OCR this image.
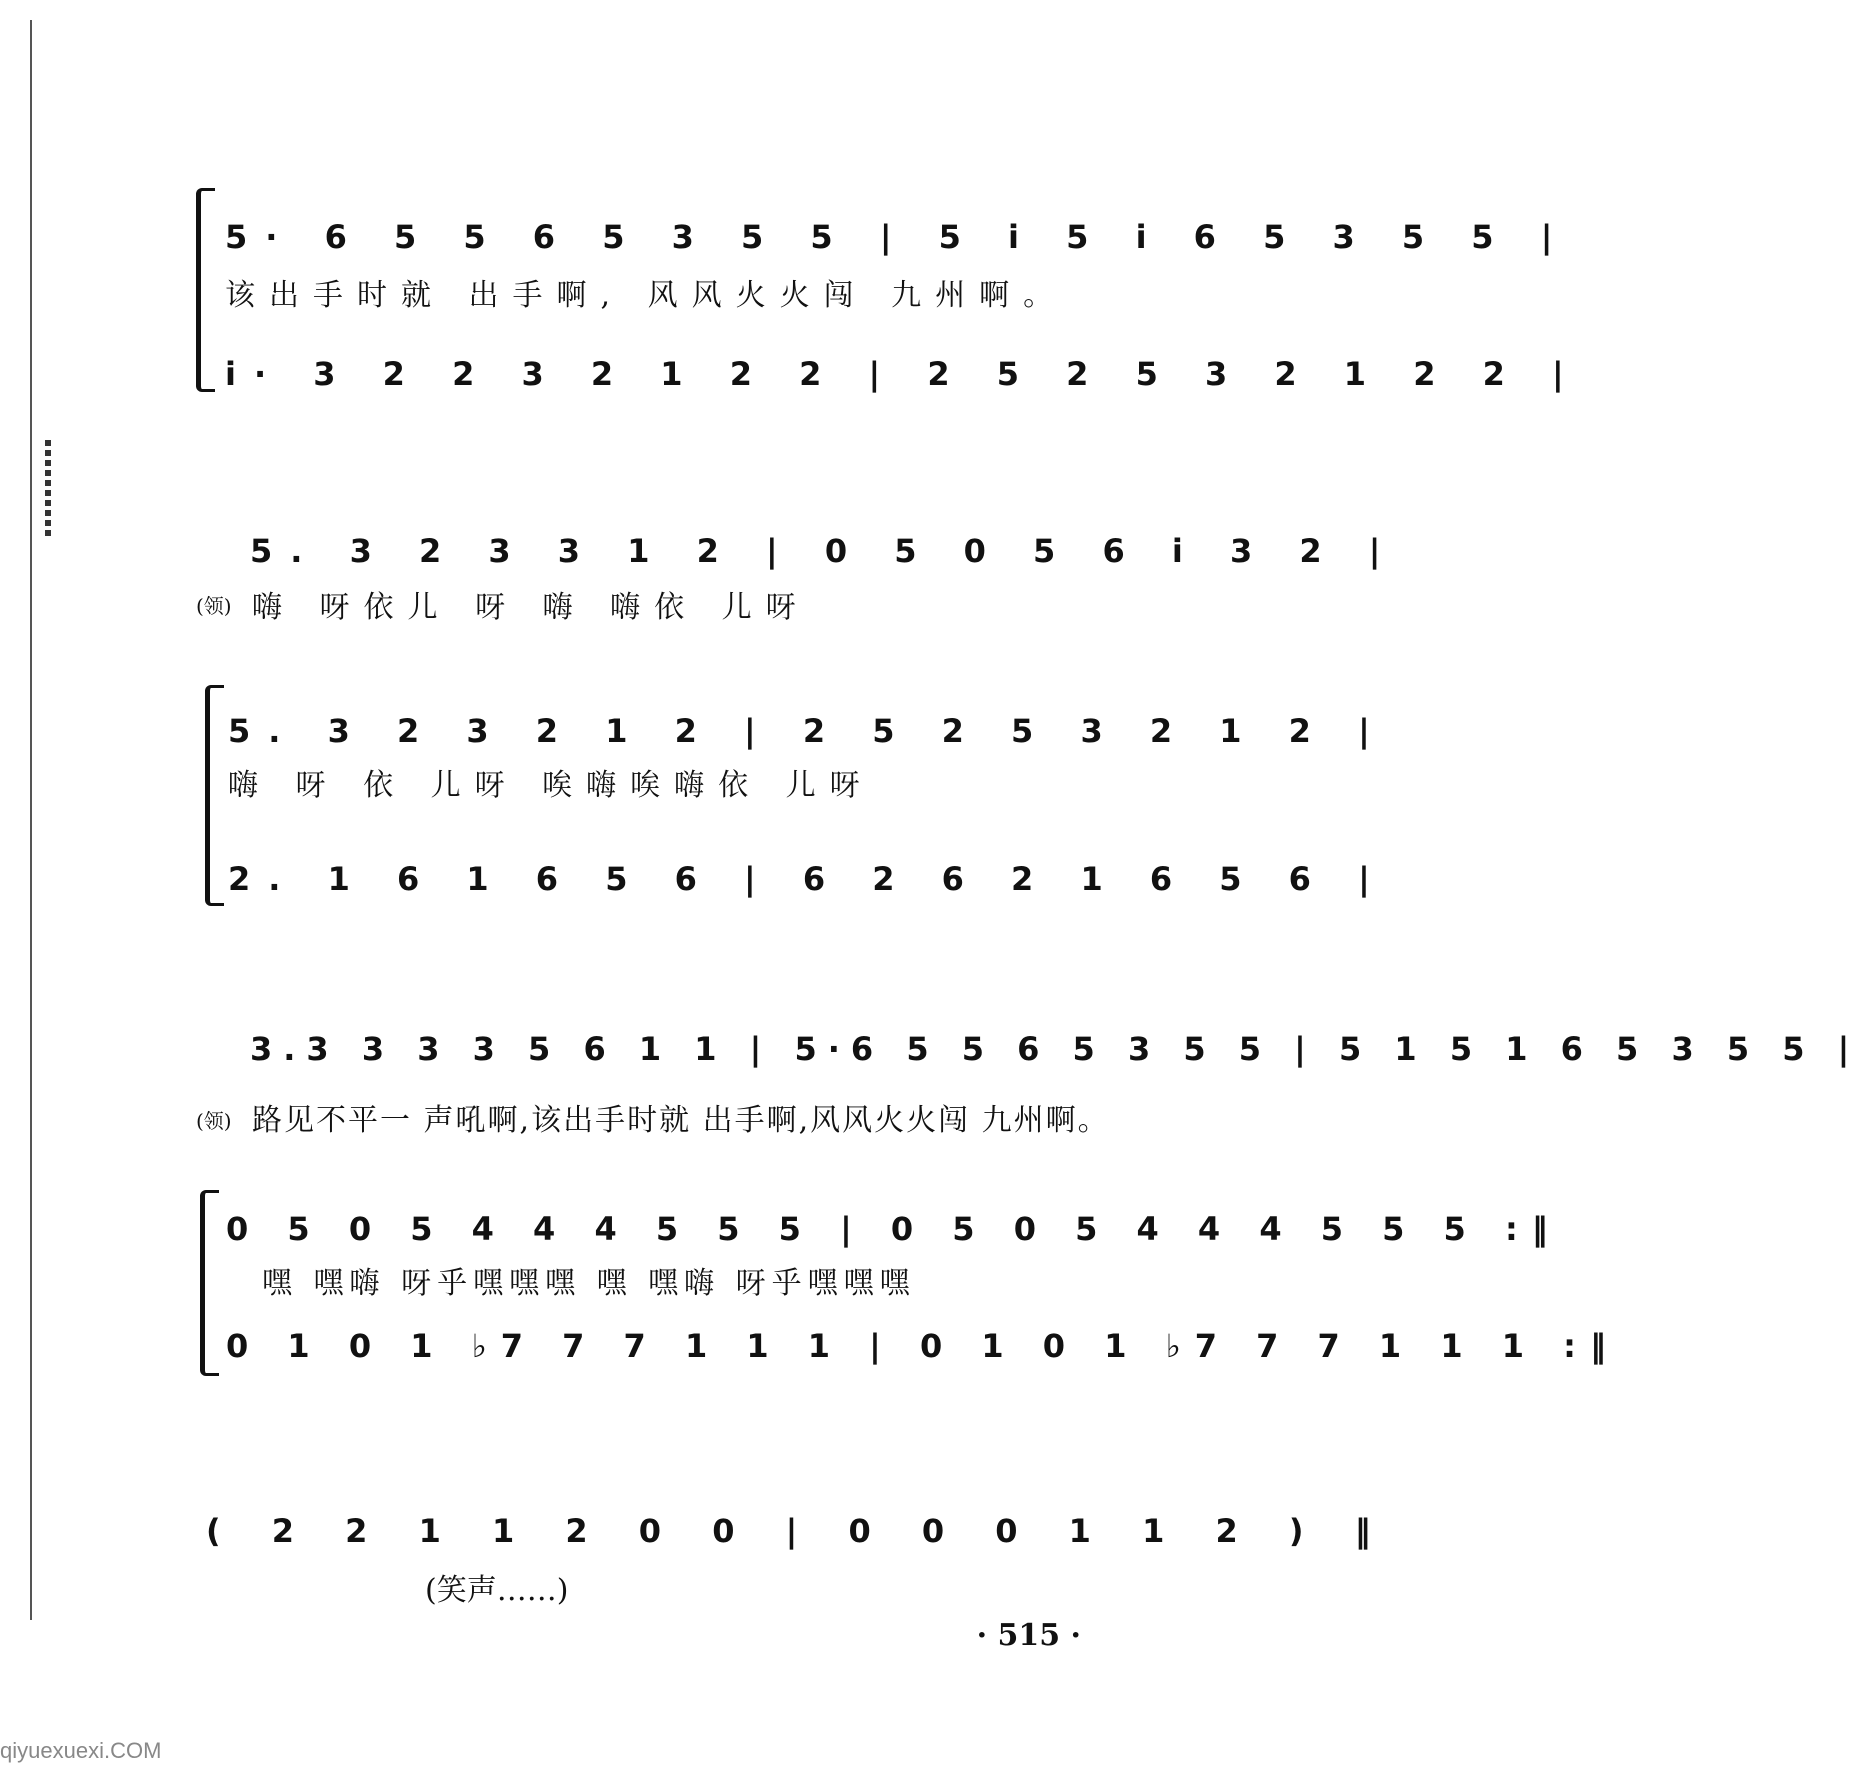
5· 6 5 5 6 5 3 5 5 | 5 i 5 i 6 5 3 5 5 |
该出手时就 出手啊, 风风火火闯 九州啊。
i· 3 2 2 3 2 1 2 2 | 2 5 2 5 3 2 1 2 2 |
(领)
5. 3 2 3 3 1 2 | 0 5 0 5 6 i 3 2 |
嗨 呀依儿 呀 嗨 嗨依 儿呀
5. 3 2 3 2 1 2 | 2 5 2 5 3 2 1 2 |
嗨 呀 依 儿呀 唉嗨唉嗨依 儿呀
2. 1 6 1 6 5 6 | 6 2 6 2 1 6 5 6 |
(领)
3.3 3 3 3 5 6 1 1 | 5·6 5 5 6 5 3 5 5 | 5 1 5 1 6 5 3 5 5 |
路见不平一 声吼啊,该出手时就 出手啊,风风火火闯 九州啊。
0 5 0 5 4 4 4 5 5 5 | 0 5 0 5 4 4 4 5 5 5 :‖
嘿 嘿嗨 呀乎嘿嘿嘿 嘿 嘿嗨 呀乎嘿嘿嘿
0 1 0 1 ♭7 7 7 1 1 1 | 0 1 0 1 ♭7 7 7 1 1 1 :‖
( 2 2 1 1 2 0 0 | 0 0 0 1 1 2 ) ‖
(笑声……)
· 515 ·
qiyuexuexi.COM
